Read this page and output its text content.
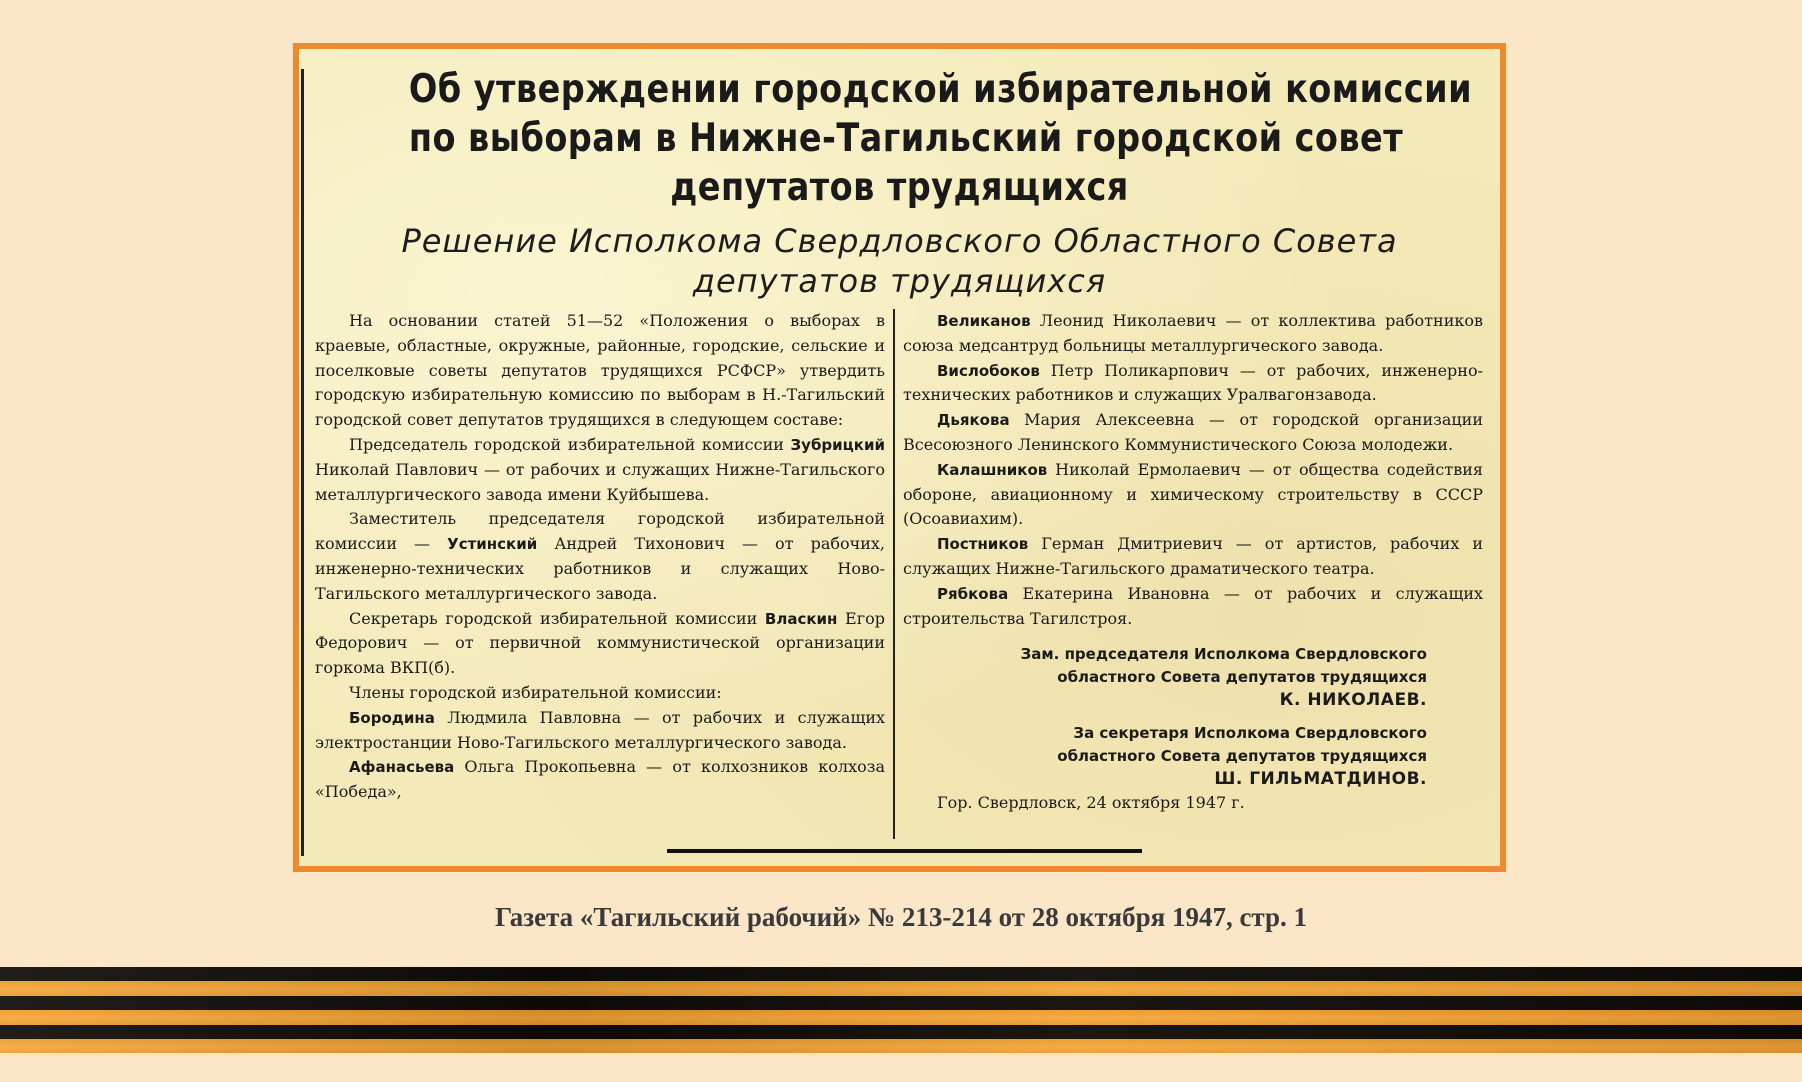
Об утверждении городской избирательной комиссии
по выборам в Нижне-Тагильский городской совет
депутатов трудящихся
Решение Исполкома Свердловского Областного Совета
депутатов трудящихся

На основании статей 51—52 «Положения о выборах в краевые, областные, окружные, районные, городские, сельские и поселковые советы депутатов трудящихся РСФСР» утвердить городскую избирательную комиссию по выборам в Н.-Тагильский городской совет депутатов трудящихся в следующем составе:

Председатель городской избирательной комиссии Зубрицкий Николай Павлович — от рабочих и служащих Нижне-Тагильского металлургического завода имени Куйбышева.

Заместитель председателя городской избирательной комиссии — Устинский Андрей Тихонович — от рабочих, инженерно-технических работников и служащих Ново-Тагильского металлургического завода.

Секретарь городской избирательной комиссии Власкин Егор Федорович — от первичной коммунистической организации горкома ВКП(б).

Члены городской избирательной комиссии:

Бородина Людмила Павловна — от рабочих и служащих электростанции Ново-Тагильского металлургического завода.

Афанасьева Ольга Прокопьевна — от колхозников колхоза «Победа»,

Великанов Леонид Николаевич — от коллектива работников союза медсантруд больницы металлургического завода.

Вислобоков Петр Поликарпович — от рабочих, инженерно-технических работников и служащих Уралвагонзавода.

Дьякова Мария Алексеевна — от городской организации Всесоюзного Ленинского Коммунистического Союза молодежи.

Калашников Николай Ермолаевич — от общества содействия обороне, авиационному и химическому строительству в СССР (Осоавиахим).

Постников Герман Дмитриевич — от артистов, рабочих и служащих Нижне-Тагильского драматического театра.

Рябкова Екатерина Ивановна — от рабочих и служащих строительства Тагилстроя.

Зам. председателя Исполкома Свердловского
областного Совета депутатов трудящихся
К. НИКОЛАЕВ.
За секретаря Исполкома Свердловского
областного Совета депутатов трудящихся
Ш. ГИЛЬМАТДИНОВ.

Гор. Свердловск, 24 октября 1947 г.

Газета «Тагильский рабочий» № 213-214 от 28 октября 1947, стр. 1
